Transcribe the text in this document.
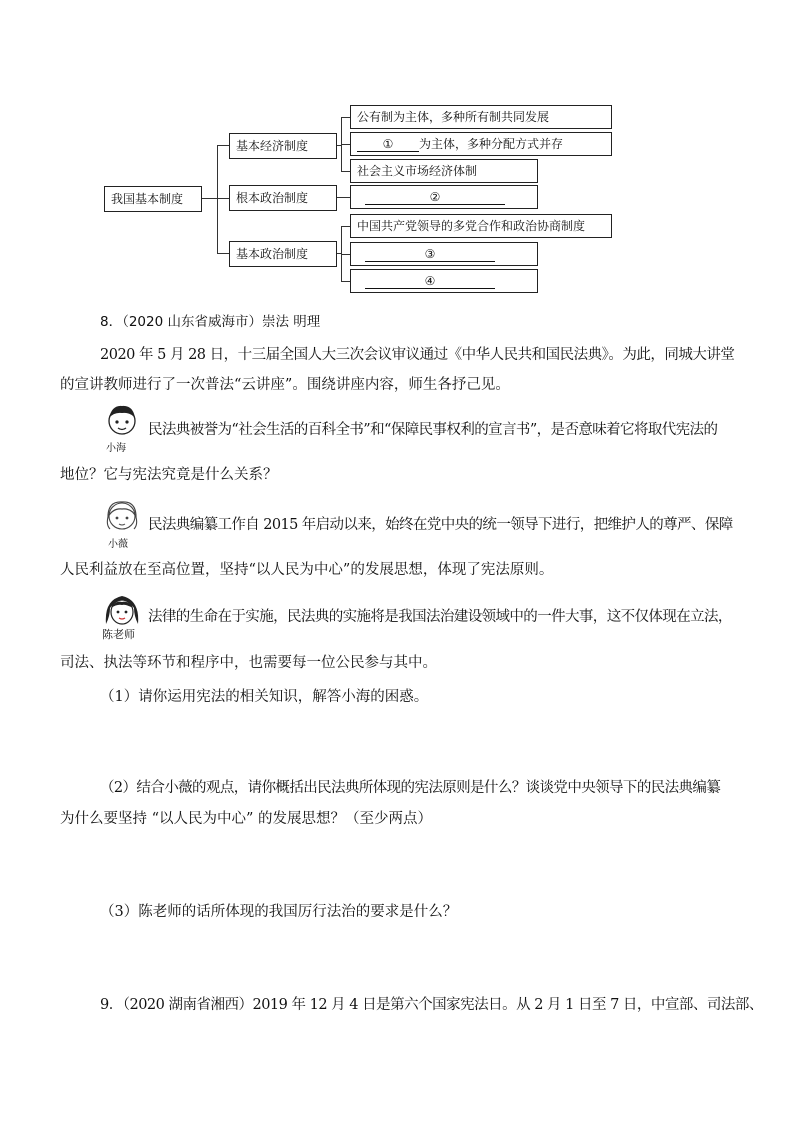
我国基本制度
基本经济制度
根本政治制度
基本政治制度
公有制为主体，多种所有制共同发展
①	为主体，多种分配方式并存
社会主义市场经济体制
②
中国共产党领导的多党合作和政治协商制度
③
④
8．（2020 山东省威海市）崇法 明理
2020 年 5 月 28 日，十三届全国人大三次会议审议通过《中华人民共和国民法典》。为此，同城大讲堂
的宣讲教师进行了一次普法“云讲座”。围绕讲座内容，师生各抒己见。
小海
民法典被誉为“社会生活的百科全书”和“保障民事权利的宣言书”，是否意味着它将取代宪法的
地位？它与宪法究竟是什么关系？
小薇
民法典编纂工作自 2015 年启动以来，始终在党中央的统一领导下进行，把维护人的尊严、保障
人民利益放在至高位置，坚持“以人民为中心”的发展思想，体现了宪法原则。
陈老师
法律的生命在于实施，民法典的实施将是我国法治建设领域中的一件大事，这不仅体现在立法，
司法、执法等环节和程序中，也需要每一位公民参与其中。
（1）请你运用宪法的相关知识，解答小海的困惑。
（2）结合小薇的观点，请你概括出民法典所体现的宪法原则是什么？谈谈党中央领导下的民法典编纂
为什么要坚持 “以人民为中心” 的发展思想？（至少两点）
（3）陈老师的话所体现的我国厉行法治的要求是什么？
9．（2020 湖南省湘西）2019 年 12 月 4 日是第六个国家宪法日。从 2 月 1 日至 7 日，中宣部、司法部、
